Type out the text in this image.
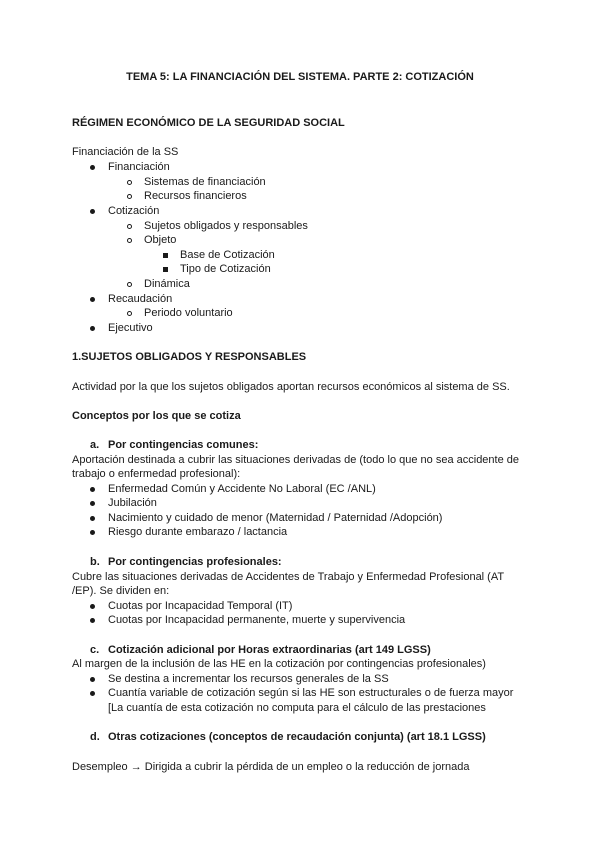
TEMA 5: LA FINANCIACIÓN DEL SISTEMA. PARTE 2: COTIZACIÓN
RÉGIMEN ECONÓMICO DE LA SEGURIDAD SOCIAL
Financiación de la SS
Financiación
Sistemas de financiación
Recursos financieros
Cotización
Sujetos obligados y responsables
Objeto
Base de Cotización
Tipo de Cotización
Dinámica
Recaudación
Periodo voluntario
Ejecutivo
1.SUJETOS OBLIGADOS Y RESPONSABLES
Actividad por la que los sujetos obligados aportan recursos económicos al sistema de SS.
Conceptos por los que se cotiza
a. Por contingencias comunes:
Aportación destinada a cubrir las situaciones derivadas de (todo lo que no sea accidente de
trabajo o enfermedad profesional):
Enfermedad Común y Accidente No Laboral (EC /ANL)
Jubilación
Nacimiento y cuidado de menor (Maternidad / Paternidad /Adopción)
Riesgo durante embarazo / lactancia
b. Por contingencias profesionales:
Cubre las situaciones derivadas de Accidentes de Trabajo y Enfermedad Profesional (AT
/EP). Se dividen en:
Cuotas por Incapacidad Temporal (IT)
Cuotas por Incapacidad permanente, muerte y supervivencia
c. Cotización adicional por Horas extraordinarias (art 149 LGSS)
Al margen de la inclusión de las HE en la cotización por contingencias profesionales)
Se destina a incrementar los recursos generales de la SS
Cuantía variable de cotización según si las HE son estructurales o de fuerza mayor
[La cuantía de esta cotización no computa para el cálculo de las prestaciones
d. Otras cotizaciones (conceptos de recaudación conjunta) (art 18.1 LGSS)
Desempleo → Dirigida a cubrir la pérdida de un empleo o la reducción de jornada
